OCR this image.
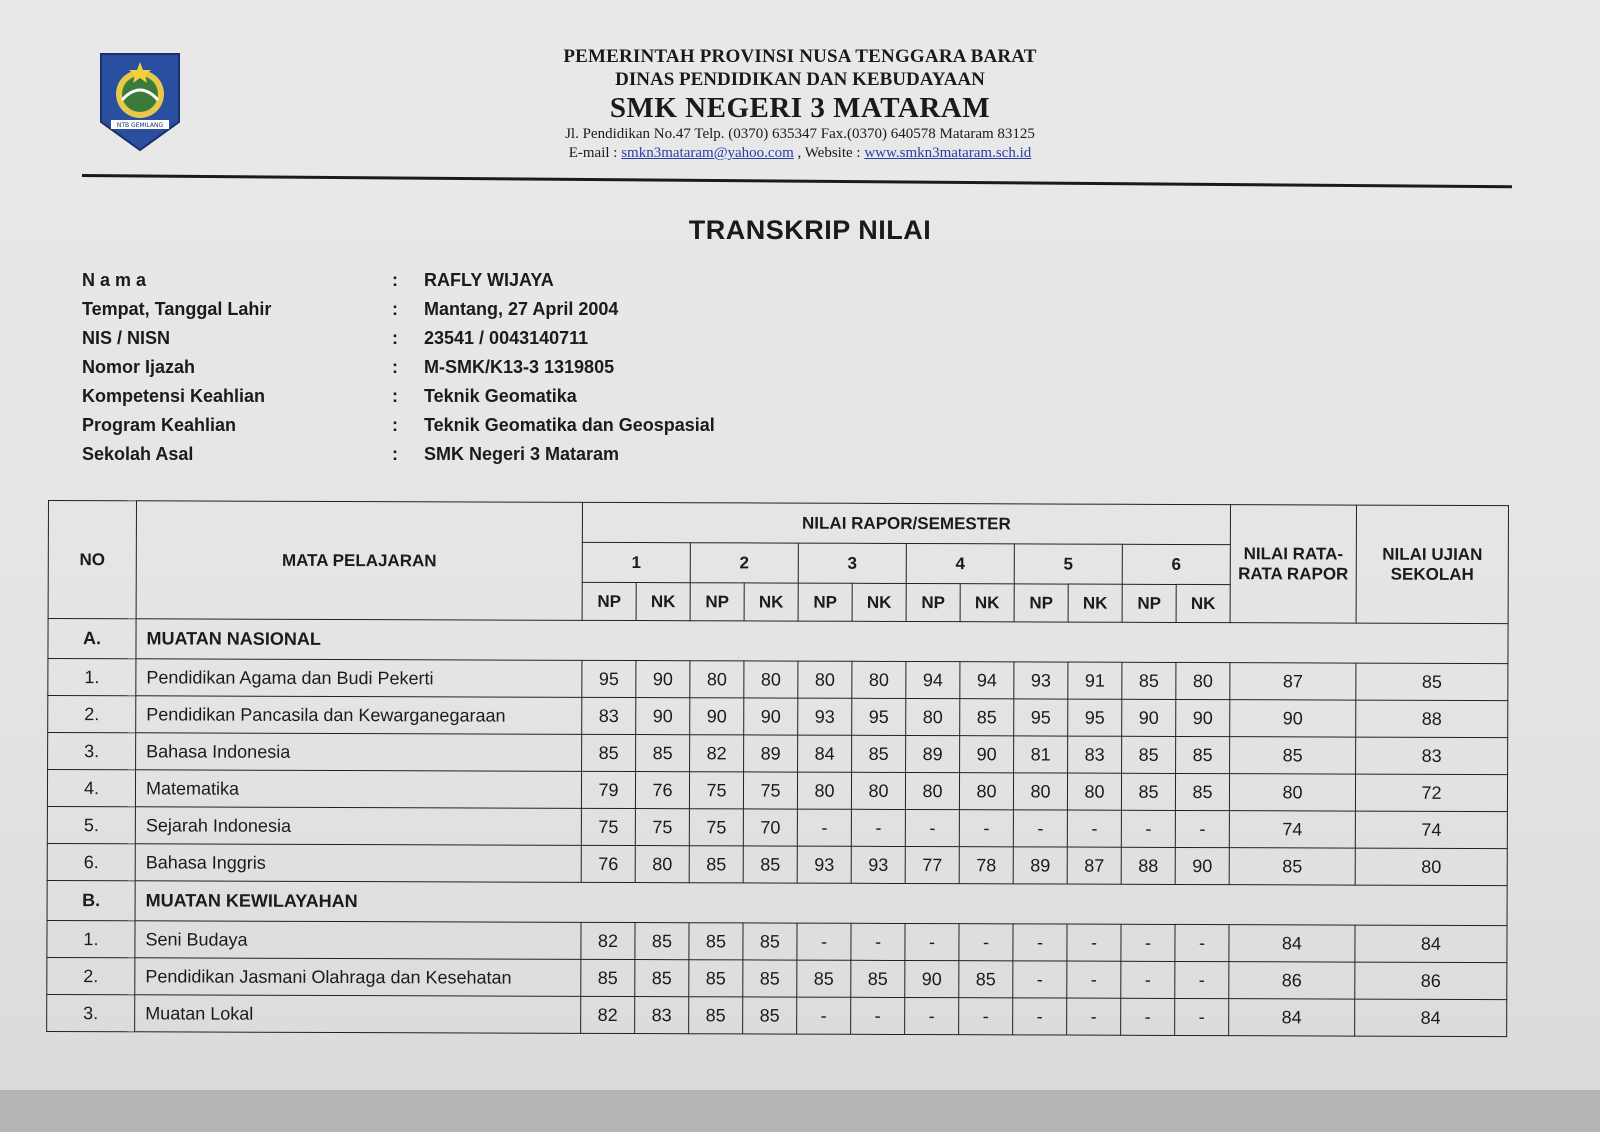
NTB GEMILANG
PEMERINTAH PROVINSI NUSA TENGGARA BARAT
DINAS PENDIDIKAN DAN KEBUDAYAAN
SMK NEGERI 3 MATARAM
Jl. Pendidikan No.47 Telp. (0370) 635347 Fax.(0370) 640578 Mataram 83125
E-mail : smkn3mataram@yahoo.com , Website : www.smkn3mataram.sch.id
TRANSKRIP NILAI
N a m a	: RAFLY WIJAYA
Tempat, Tanggal Lahir	: Mantang, 27 April 2004
NIS / NISN	: 23541 / 0043140711
Nomor Ijazah	: M-SMK/K13-3 1319805
Kompetensi Keahlian	: Teknik Geomatika
Program Keahlian	: Teknik Geomatika dan Geospasial
Sekolah Asal	: SMK Negeri 3 Mataram
NO	MATA PELAJARAN	NILAI RAPOR/SEMESTER												NILAI RATA-RATA RAPOR	NILAI UJIAN SEKOLAH
		1		2		3		4		5		6			
		NP	NK	NP	NK	NP	NK	NP	NK	NP	NK	NP	NK		
A.	MUATAN NASIONAL														
1.	Pendidikan Agama dan Budi Pekerti	95	90	80	80	80	80	94	94	93	91	85	80	87	85
2.	Pendidikan Pancasila dan Kewarganegaraan	83	90	90	90	93	95	80	85	95	95	90	90	90	88
3.	Bahasa Indonesia	85	85	82	89	84	85	89	90	81	83	85	85	85	83
4.	Matematika	79	76	75	75	80	80	80	80	80	80	85	85	80	72
5.	Sejarah Indonesia	75	75	75	70	-	-	-	-	-	-	-	-	74	74
6.	Bahasa Inggris	76	80	85	85	93	93	77	78	89	87	88	90	85	80
B.	MUATAN KEWILAYAHAN														
1.	Seni Budaya	82	85	85	85	-	-	-	-	-	-	-	-	84	84
2.	Pendidikan Jasmani Olahraga dan Kesehatan	85	85	85	85	85	85	90	85	-	-	-	-	86	86
3.	Muatan Lokal	82	83	85	85	-	-	-	-	-	-	-	-	84	84
